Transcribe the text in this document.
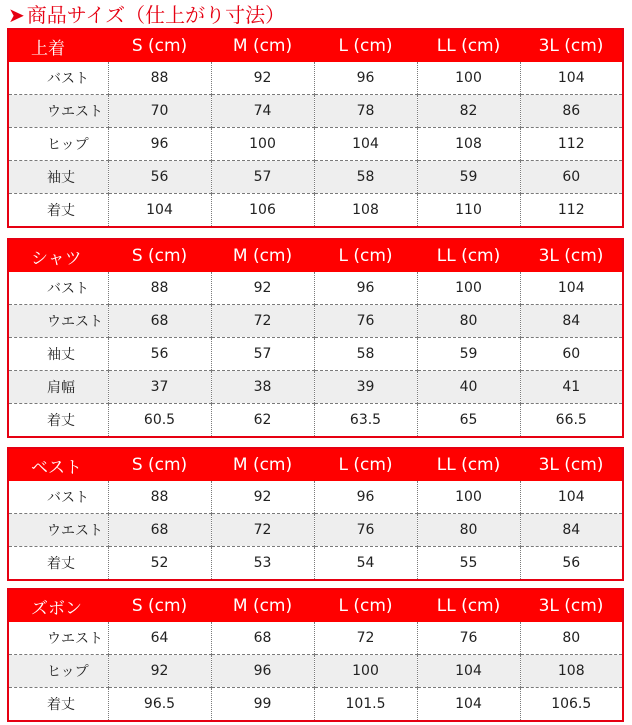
➤ 商品サイズ（仕上がり寸法）
上着	S (cm)	M (cm)	L (cm)	LL (cm)	3L (cm)
バスト	88	92	96	100	104
ウエスト	70	74	78	82	86
ヒップ	96	100	104	108	112
袖丈	56	57	58	59	60
着丈	104	106	108	110	112
シャツ	S (cm)	M (cm)	L (cm)	LL (cm)	3L (cm)
バスト	88	92	96	100	104
ウエスト	68	72	76	80	84
袖丈	56	57	58	59	60
肩幅	37	38	39	40	41
着丈	60.5	62	63.5	65	66.5
ベスト	S (cm)	M (cm)	L (cm)	LL (cm)	3L (cm)
バスト	88	92	96	100	104
ウエスト	68	72	76	80	84
着丈	52	53	54	55	56
ズボン	S (cm)	M (cm)	L (cm)	LL (cm)	3L (cm)
ウエスト	64	68	72	76	80
ヒップ	92	96	100	104	108
着丈	96.5	99	101.5	104	106.5
